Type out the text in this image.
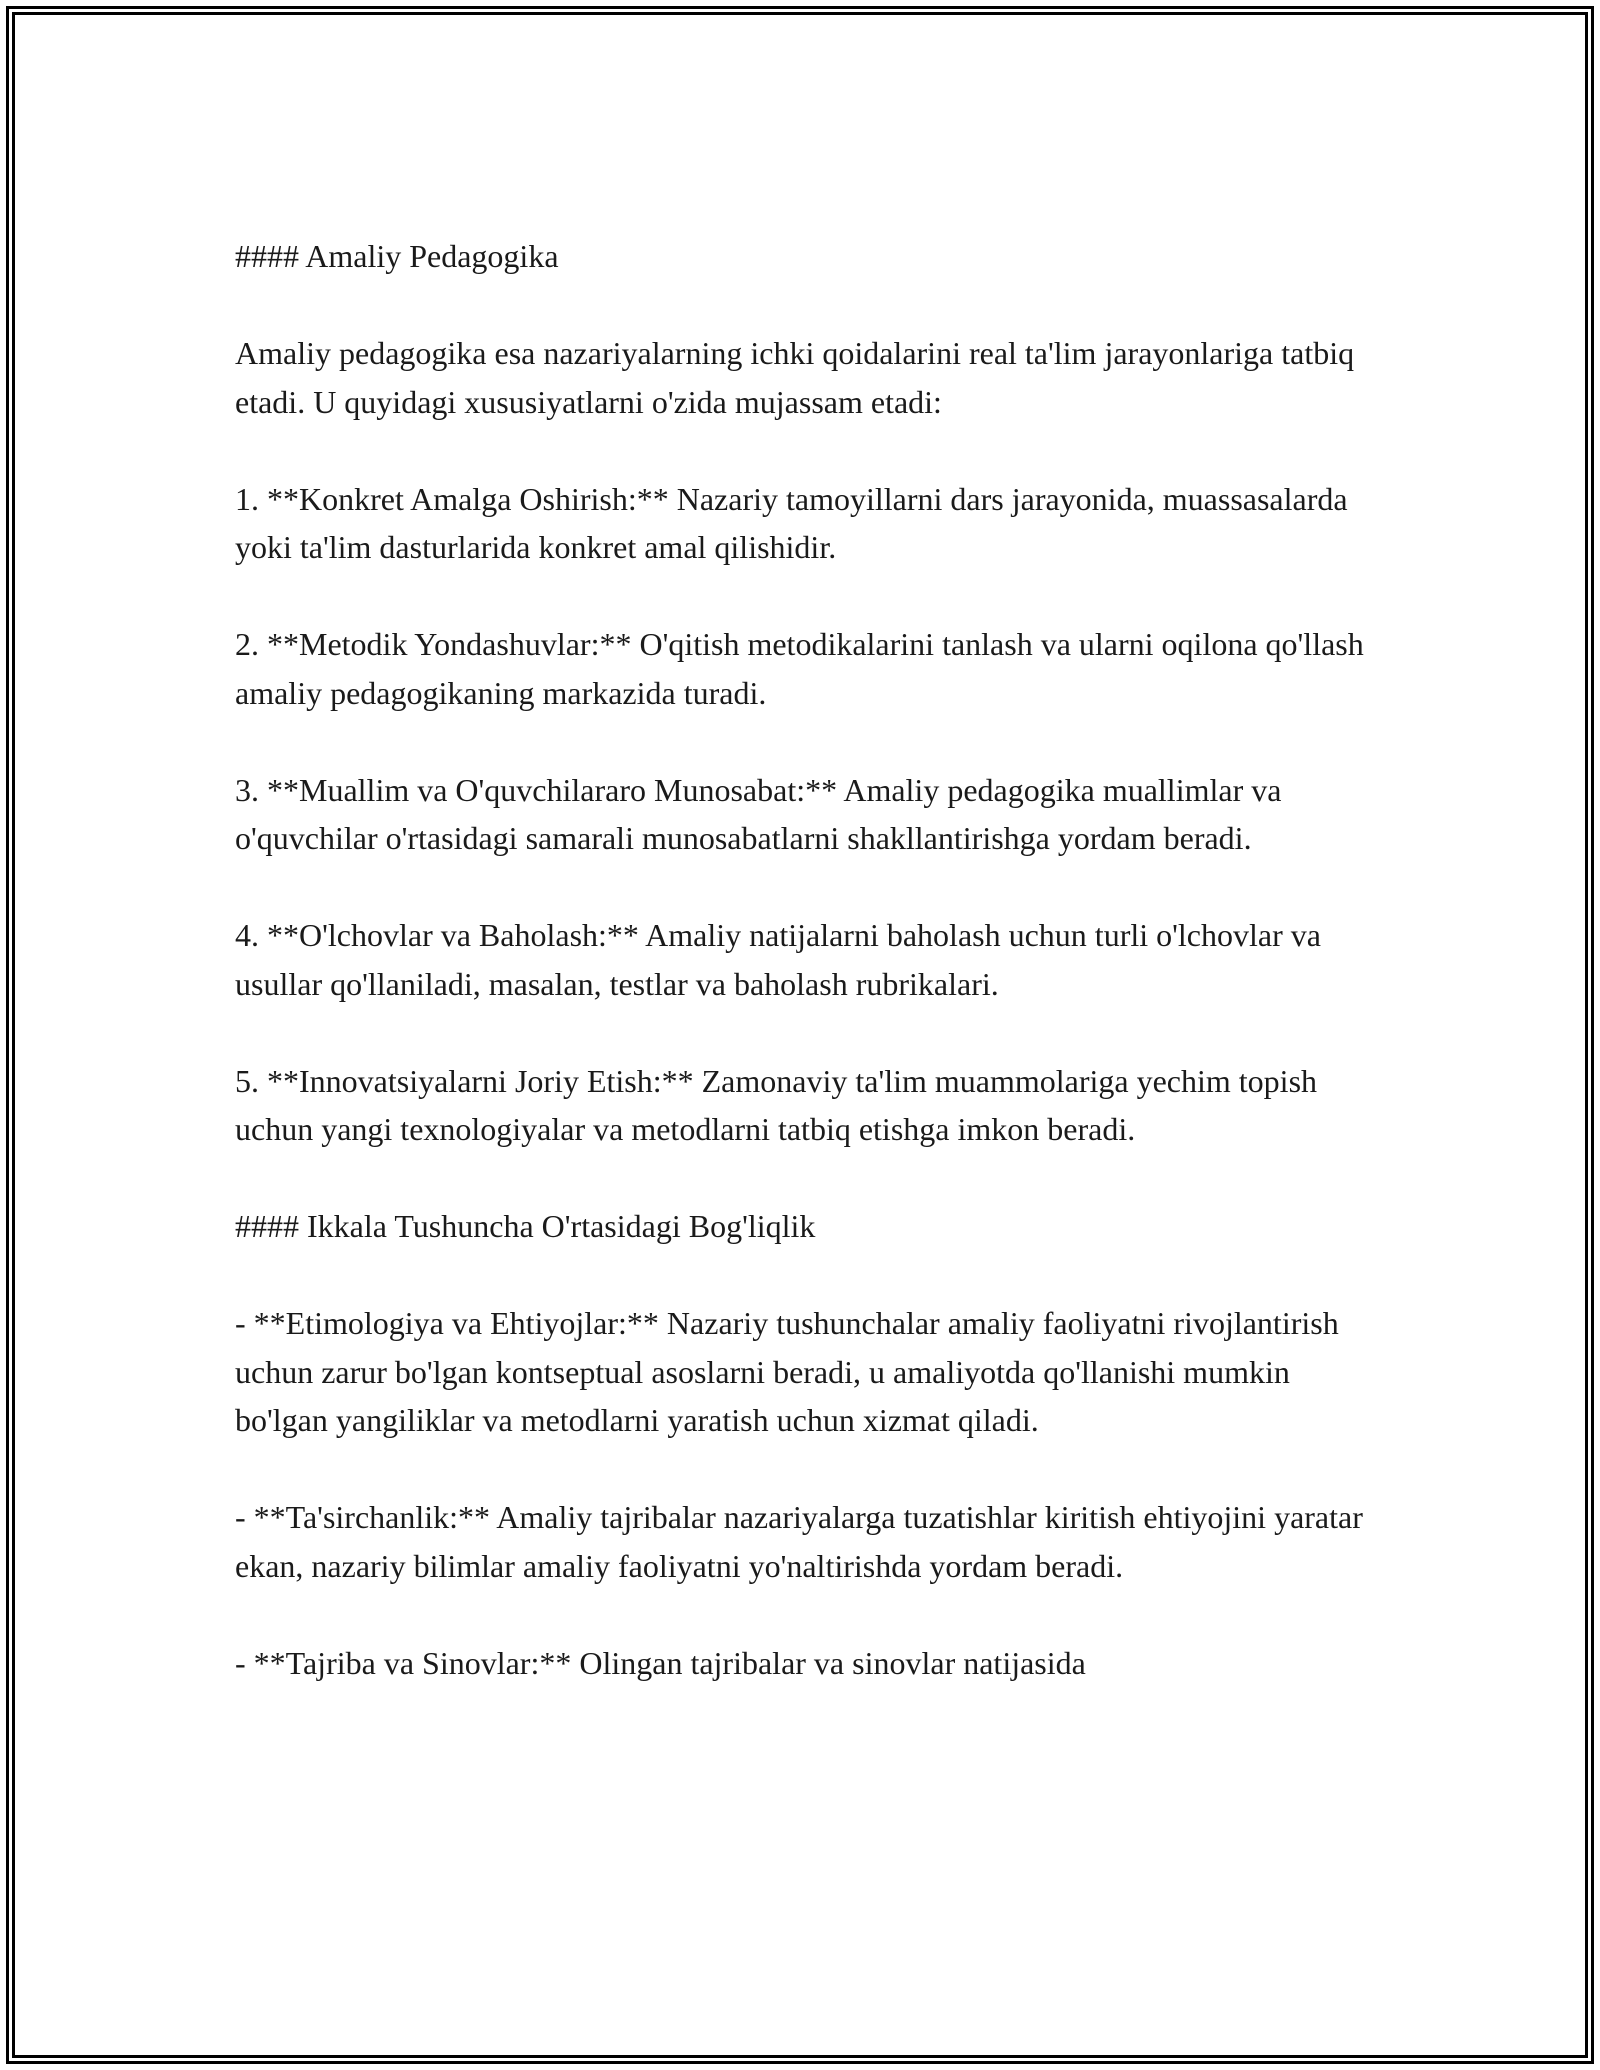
#### Amaliy Pedagogika

Amaliy pedagogika esa nazariyalarning ichki qoidalarini real ta'lim jarayonlariga tatbiq etadi. U quyidagi xususiyatlarni o'zida mujassam etadi:

1. **Konkret Amalga Oshirish:** Nazariy tamoyillarni dars jarayonida, muassasalarda yoki ta'lim dasturlarida konkret amal qilishidir.

2. **Metodik Yondashuvlar:** O'qitish metodikalarini tanlash va ularni oqilona qo'llash amaliy pedagogikaning markazida turadi.

3. **Muallim va O'quvchilararo Munosabat:** Amaliy pedagogika muallimlar va o'quvchilar o'rtasidagi samarali munosabatlarni shakllantirishga yordam beradi.

4. **O'lchovlar va Baholash:** Amaliy natijalarni baholash uchun turli o'lchovlar va usullar qo'llaniladi, masalan, testlar va baholash rubrikalari.

5. **Innovatsiyalarni Joriy Etish:** Zamonaviy ta'lim muammolariga yechim topish uchun yangi texnologiyalar va metodlarni tatbiq etishga imkon beradi.

#### Ikkala Tushuncha O'rtasidagi Bog'liqlik

- **Etimologiya va Ehtiyojlar:** Nazariy tushunchalar amaliy faoliyatni rivojlantirish uchun zarur bo'lgan kontseptual asoslarni beradi, u amaliyotda qo'llanishi mumkin bo'lgan yangiliklar va metodlarni yaratish uchun xizmat qiladi.

- **Ta'sirchanlik:** Amaliy tajribalar nazariyalarga tuzatishlar kiritish ehtiyojini yaratar ekan, nazariy bilimlar amaliy faoliyatni yo'naltirishda yordam beradi.

- **Tajriba va Sinovlar:** Olingan tajribalar va sinovlar natijasida
